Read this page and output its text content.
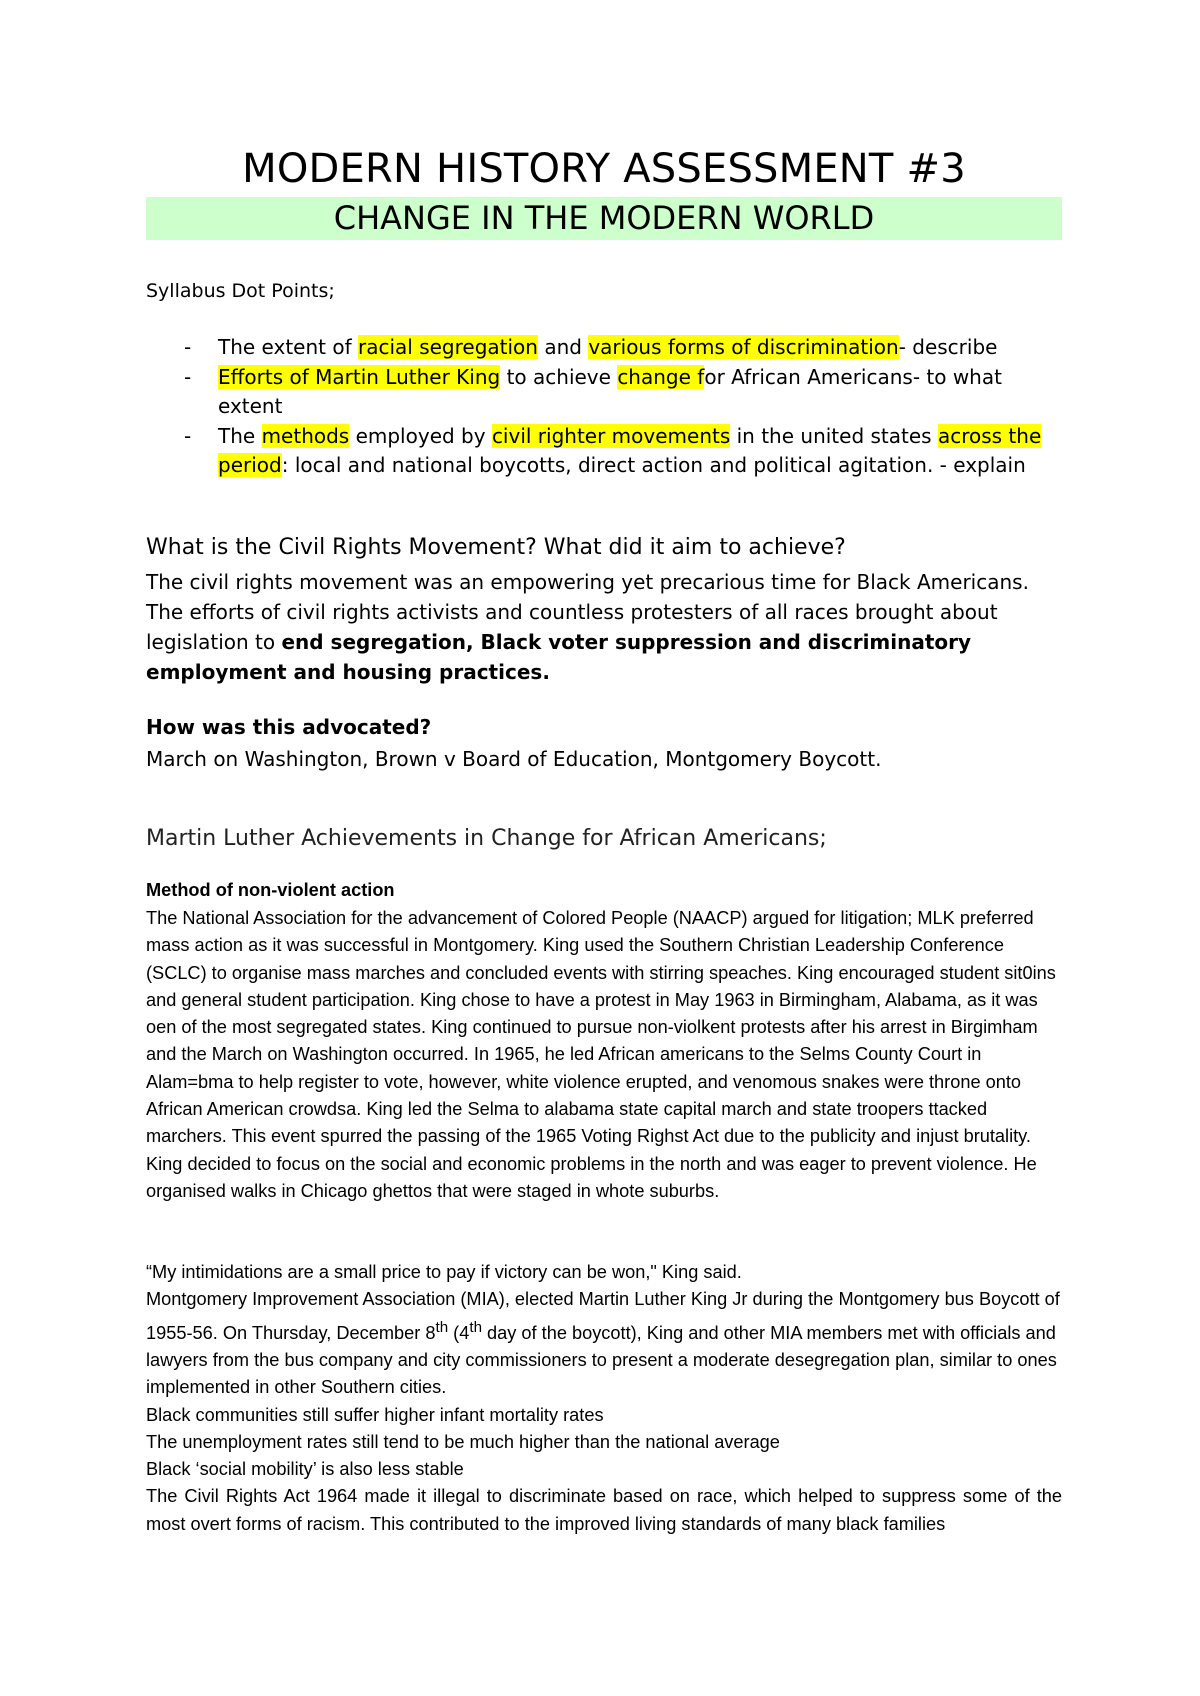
MODERN HISTORY ASSESSMENT #3
CHANGE IN THE MODERN WORLD
Syllabus Dot Points;
- The extent of racial segregation and various forms of discrimination- describe
- Efforts of Martin Luther King to achieve change for African Americans- to what extent
- The methods employed by civil righter movements in the united states across the period: local and national boycotts, direct action and political agitation. - explain
What is the Civil Rights Movement? What did it aim to achieve?
The civil rights movement was an empowering yet precarious time for Black Americans. The efforts of civil rights activists and countless protesters of all races brought about legislation to end segregation, Black voter suppression and discriminatory employment and housing practices.
How was this advocated?
March on Washington, Brown v Board of Education, Montgomery Boycott.
Martin Luther Achievements in Change for African Americans;
Method of non-violent action
The National Association for the advancement of Colored People (NAACP) argued for litigation; MLK preferred mass action as it was successful in Montgomery. King used the Southern Christian Leadership Conference (SCLC) to organise mass marches and concluded events with stirring speaches. King encouraged student sit0ins and general student participation. King chose to have a protest in May 1963 in Birmingham, Alabama, as it was oen of the most segregated states. King continued to pursue non-violkent protests after his arrest in Birgimham and the March on Washington occurred. In 1965, he led African americans to the Selms County Court in Alam=bma to help register to vote, however, white violence erupted, and venomous snakes were throne onto African American crowdsa. King led the Selma to alabama state capital march and state troopers ttacked marchers. This event spurred the passing of the 1965 Voting Righst Act due to the publicity and injust brutality. King decided to focus on the social and economic problems in the north and was eager to prevent violence. He organised walks in Chicago ghettos that were staged in whote suburbs.

“My intimidations are a small price to pay if victory can be won," King said.

Montgomery Improvement Association (MIA), elected Martin Luther King Jr during the Montgomery bus Boycott of 1955-56. On Thursday, December 8th (4th day of the boycott), King and other MIA members met with officials and lawyers from the bus company and city commissioners to present a moderate desegregation plan, similar to ones implemented in other Southern cities.

Black communities still suffer higher infant mortality rates

The unemployment rates still tend to be much higher than the national average

Black ‘social mobility’ is also less stable

The Civil Rights Act 1964 made it illegal to discriminate based on race, which helped to suppress some of the most overt forms of racism. This contributed to the improved living standards of many black families
